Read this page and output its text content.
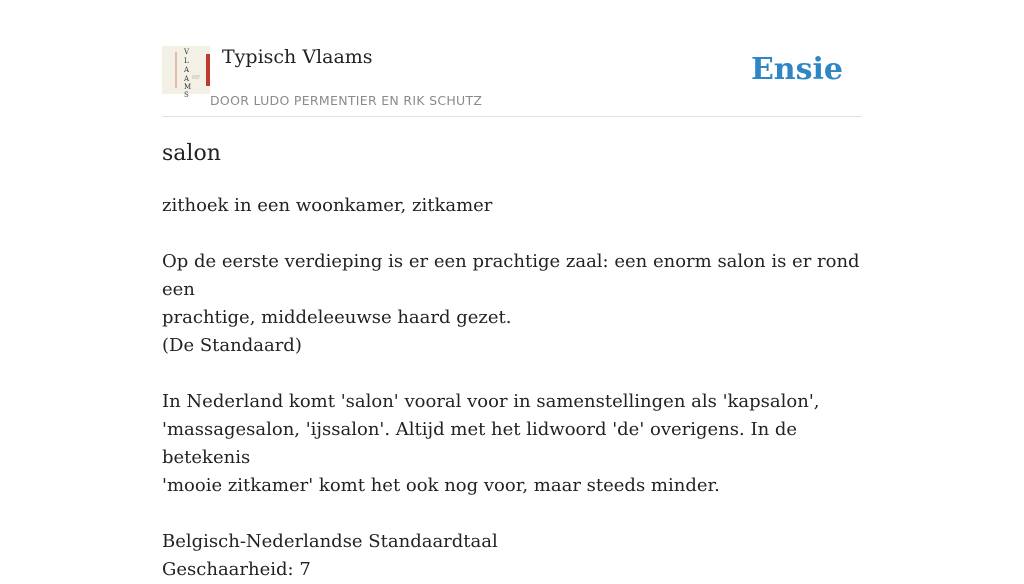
V
L
A
A
M
S
Typisch Vlaams
DOOR LUDO PERMENTIER EN RIK SCHUTZ
Ensie
salon

zithoek in een woonkamer, zitkamer

Op de eerste verdieping is er een prachtige zaal: een enorm salon is er rond een

prachtige, middeleeuwse haard gezet.

(De Standaard)

In Nederland komt 'salon' vooral voor in samenstellingen als 'kapsalon',

'massagesalon, 'ijssalon'. Altijd met het lidwoord 'de' overigens. In de betekenis

'mooie zitkamer' komt het ook nog voor, maar steeds minder.

Belgisch-Nederlandse Standaardtaal

Geschaarheid: 7
